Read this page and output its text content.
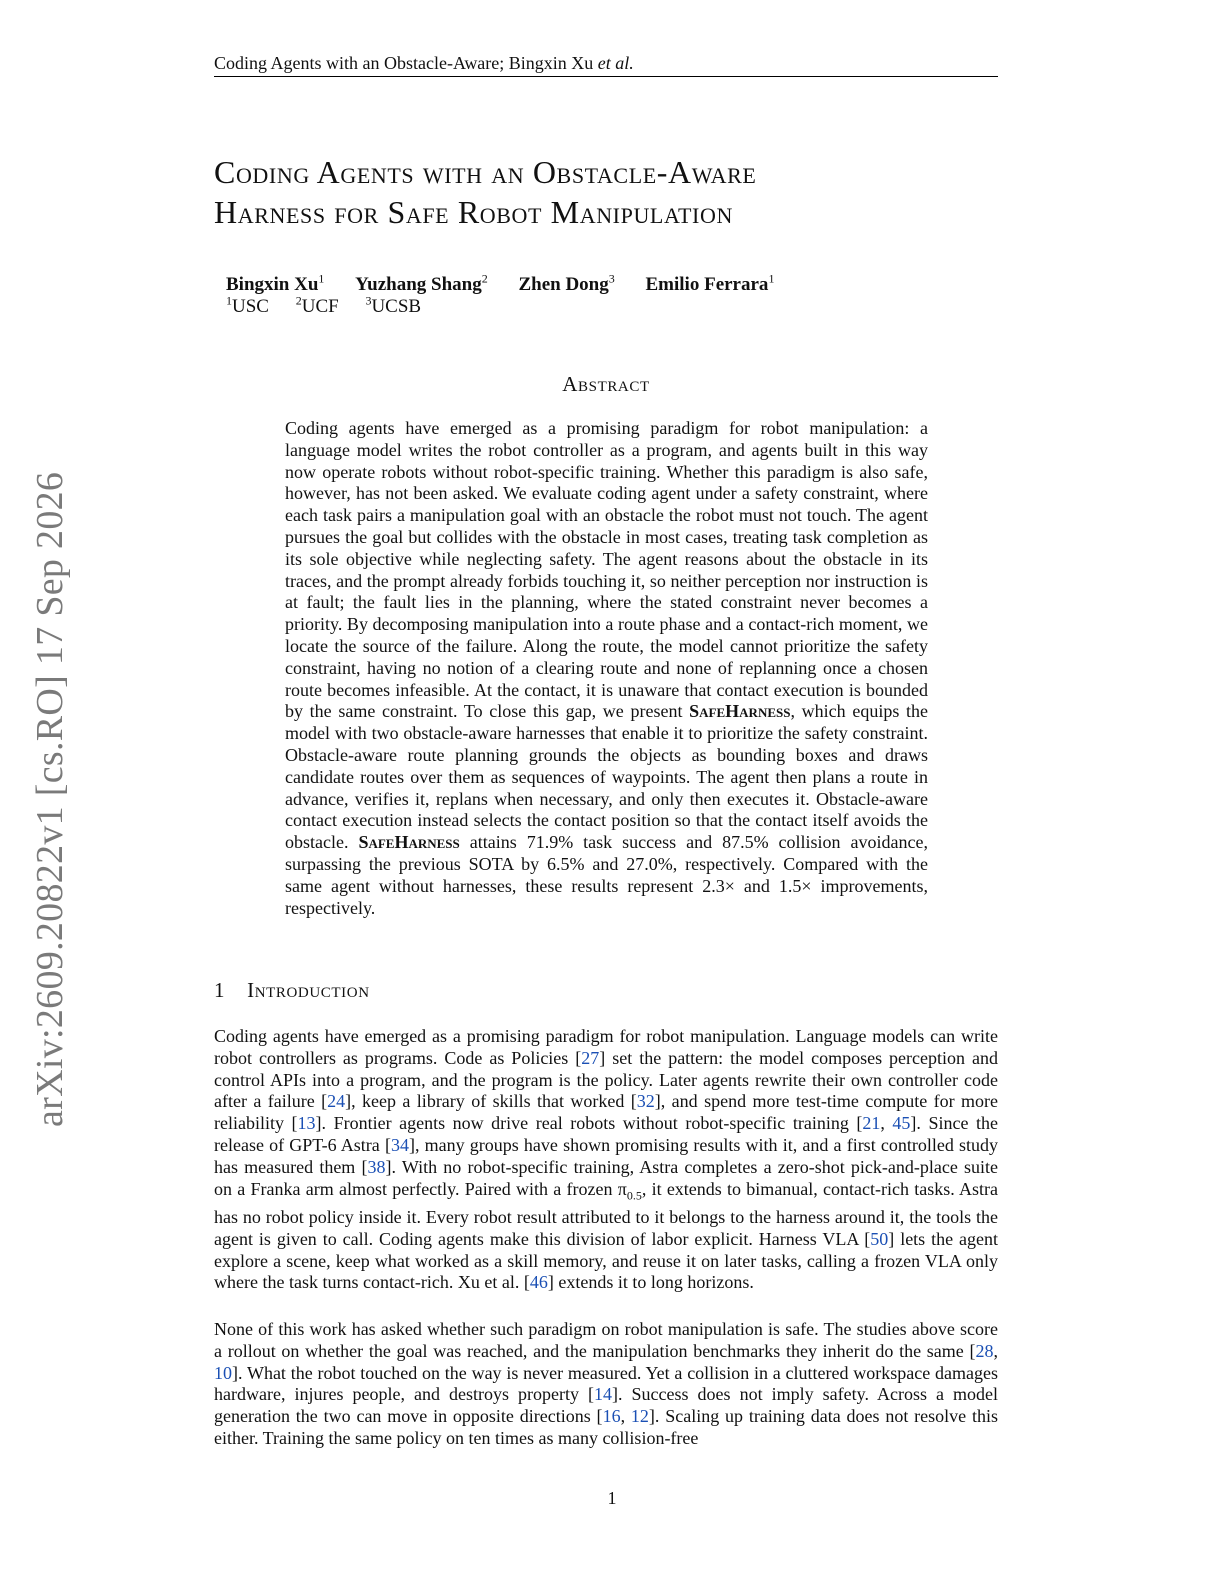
Coding Agents with an Obstacle-Aware; Bingxin Xu et al.
arXiv:2609.20822v1 [cs.RO] 17 Sep 2026
Coding Agents with an Obstacle-Aware
Harness for Safe Robot Manipulation
Bingxin Xu$^1$ Yuzhang Shang$^2$ Zhen Dong$^3$ Emilio Ferrara$^1$
$^1$USC $^2$UCF $^3$UCSB
Abstract

Coding agents have emerged as a promising paradigm for robot manipulation: a language model writes the robot controller as a program, and agents built in this way now operate robots without robot-specific training. Whether this paradigm is also safe, however, has not been asked. We evaluate coding agent under a safety constraint, where each task pairs a manipulation goal with an obstacle the robot must not touch. The agent pursues the goal but collides with the obstacle in most cases, treating task completion as its sole objective while neglecting safety. The agent reasons about the obstacle in its traces, and the prompt already forbids touching it, so neither perception nor instruction is at fault; the fault lies in the planning, where the stated constraint never becomes a priority. By decomposing manipulation into a route phase and a contact-rich moment, we locate the source of the failure. Along the route, the model cannot prioritize the safety constraint, having no notion of a clearing route and none of replanning once a chosen route becomes infeasible. At the contact, it is unaware that contact execution is bounded by the same constraint. To close this gap, we present SafeHarness, which equips the model with two obstacle-aware harnesses that enable it to prioritize the safety constraint. Obstacle-aware route planning grounds the objects as bounding boxes and draws candidate routes over them as sequences of waypoints. The agent then plans a route in advance, verifies it, replans when necessary, and only then executes it. Obstacle-aware contact execution instead selects the contact position so that the contact itself avoids the obstacle. SafeHarness attains 71.9% task success and 87.5% collision avoidance, surpassing the previous SOTA by 6.5% and 27.0%, respectively. Compared with the same agent without harnesses, these results represent 2.3× and 1.5× improvements, respectively.

1 Introduction

Coding agents have emerged as a promising paradigm for robot manipulation. Language models can write robot controllers as programs. Code as Policies [27] set the pattern: the model composes perception and control APIs into a program, and the program is the policy. Later agents rewrite their own controller code after a failure [24], keep a library of skills that worked [32], and spend more test-time compute for more reliability [13]. Frontier agents now drive real robots without robot-specific training [21, 45]. Since the release of GPT-6 Astra [34], many groups have shown promising results with it, and a first controlled study has measured them [38]. With no robot-specific training, Astra completes a zero-shot pick-and-place suite on a Franka arm almost perfectly. Paired with a frozen $\pi_{0.5}$, it extends to bimanual, contact-rich tasks. Astra has no robot policy inside it. Every robot result attributed to it belongs to the harness around it, the tools the agent is given to call. Coding agents make this division of labor explicit. Harness VLA [50] lets the agent explore a scene, keep what worked as a skill memory, and reuse it on later tasks, calling a frozen VLA only where the task turns contact-rich. Xu et al. [46] extends it to long horizons.

None of this work has asked whether such paradigm on robot manipulation is safe. The studies above score a rollout on whether the goal was reached, and the manipulation benchmarks they inherit do the same [28, 10]. What the robot touched on the way is never measured. Yet a collision in a cluttered workspace damages hardware, injures people, and destroys property [14]. Success does not imply safety. Across a model generation the two can move in opposite directions [16, 12]. Scaling up training data does not resolve this either. Training the same policy on ten times as many collision-free

1
